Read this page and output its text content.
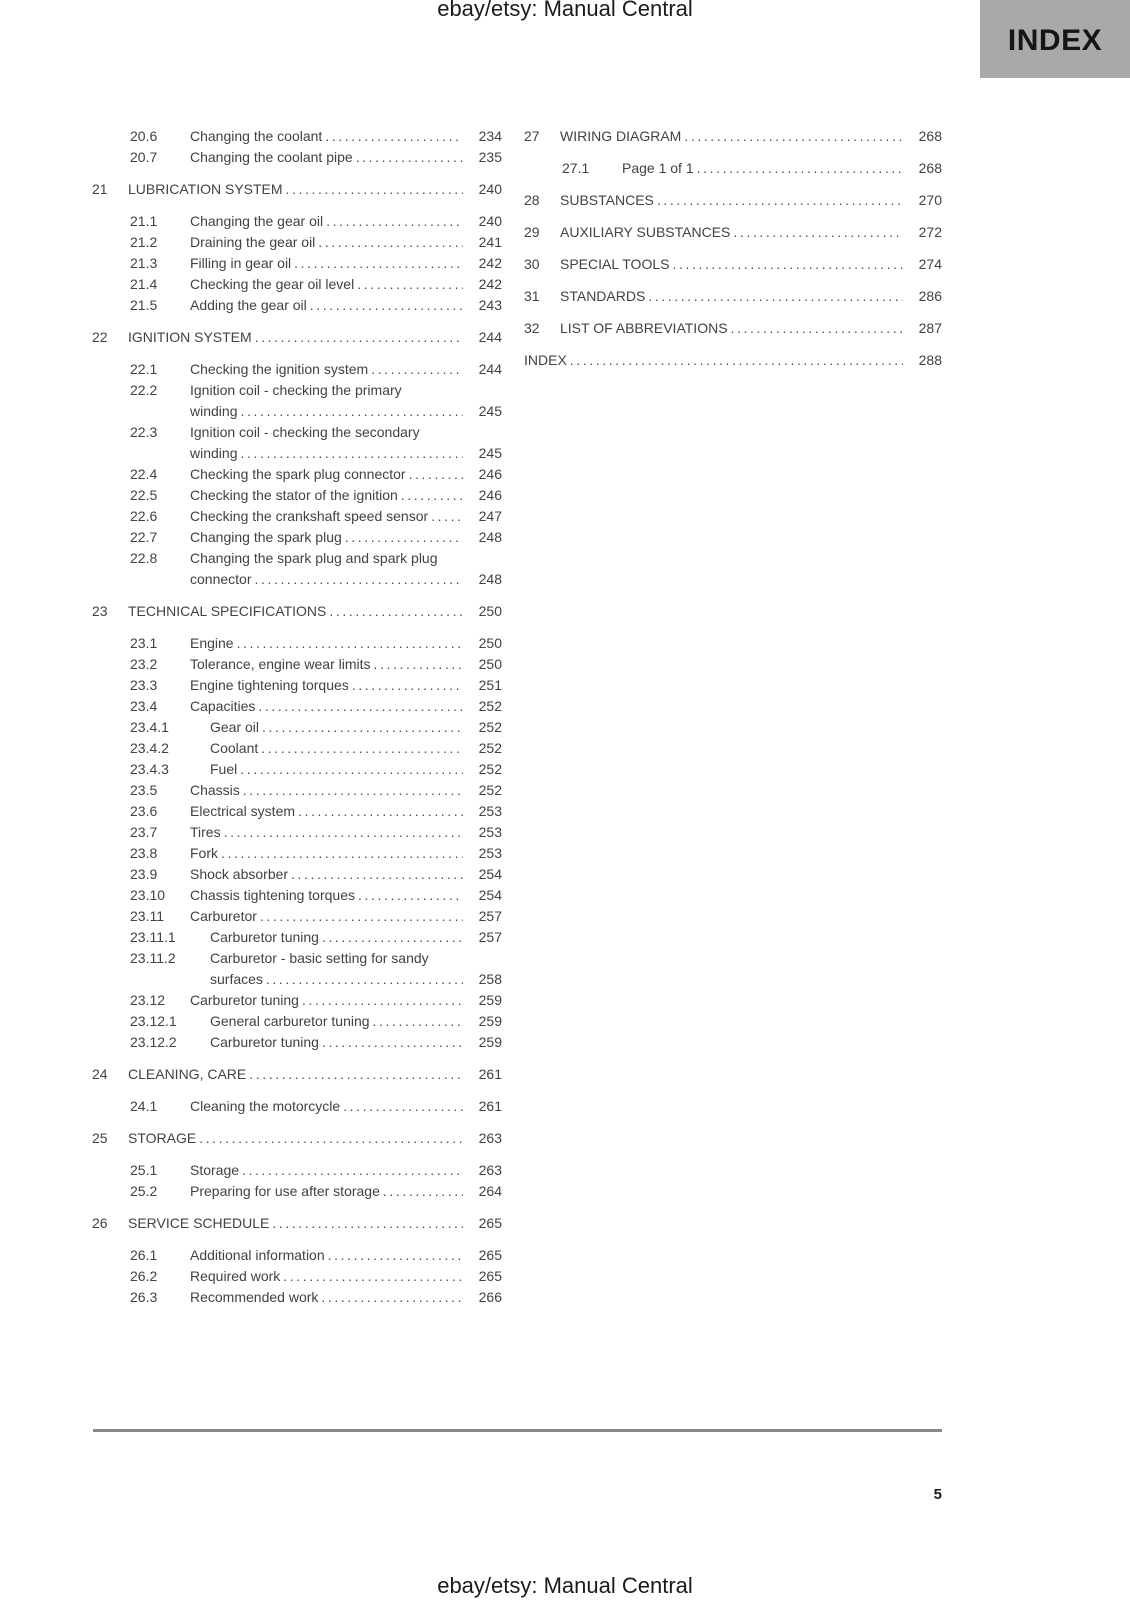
ebay/etsy: Manual Central
INDEX
20.6	Changing the coolant .....	234
20.7	Changing the coolant pipe .....	235
21	LUBRICATION SYSTEM .....	240
21.1	Changing the gear oil .....	240
21.2	Draining the gear oil .....	241
21.3	Filling in gear oil .....	242
21.4	Checking the gear oil level .....	242
21.5	Adding the gear oil .....	243
22	IGNITION SYSTEM .....	244
22.1	Checking the ignition system .....	244
22.2	Ignition coil - checking the primary
winding .....	245
22.3	Ignition coil - checking the secondary
winding .....	245
22.4	Checking the spark plug connector .....	246
22.5	Checking the stator of the ignition .....	246
22.6	Checking the crankshaft speed sensor .....	247
22.7	Changing the spark plug .....	248
22.8	Changing the spark plug and spark plug
connector .....	248
23	TECHNICAL SPECIFICATIONS .....	250
23.1	Engine .....	250
23.2	Tolerance, engine wear limits .....	250
23.3	Engine tightening torques .....	251
23.4	Capacities .....	252
23.4.1	Gear oil .....	252
23.4.2	Coolant .....	252
23.4.3	Fuel .....	252
23.5	Chassis .....	252
23.6	Electrical system .....	253
23.7	Tires .....	253
23.8	Fork .....	253
23.9	Shock absorber .....	254
23.10	Chassis tightening torques .....	254
23.11	Carburetor .....	257
23.11.1	Carburetor tuning .....	257
23.11.2	Carburetor - basic setting for sandy
surfaces .....	258
23.12	Carburetor tuning .....	259
23.12.1	General carburetor tuning .....	259
23.12.2	Carburetor tuning .....	259
24	CLEANING, CARE .....	261
24.1	Cleaning the motorcycle .....	261
25	STORAGE .....	263
25.1	Storage .....	263
25.2	Preparing for use after storage .....	264
26	SERVICE SCHEDULE .....	265
26.1	Additional information .....	265
26.2	Required work .....	265
26.3	Recommended work .....	266
27	WIRING DIAGRAM .....	268
27.1	Page 1 of 1 .....	268
28	SUBSTANCES .....	270
29	AUXILIARY SUBSTANCES .....	272
30	SPECIAL TOOLS .....	274
31	STANDARDS .....	286
32	LIST OF ABBREVIATIONS .....	287
INDEX .....	288
5
ebay/etsy: Manual Central
